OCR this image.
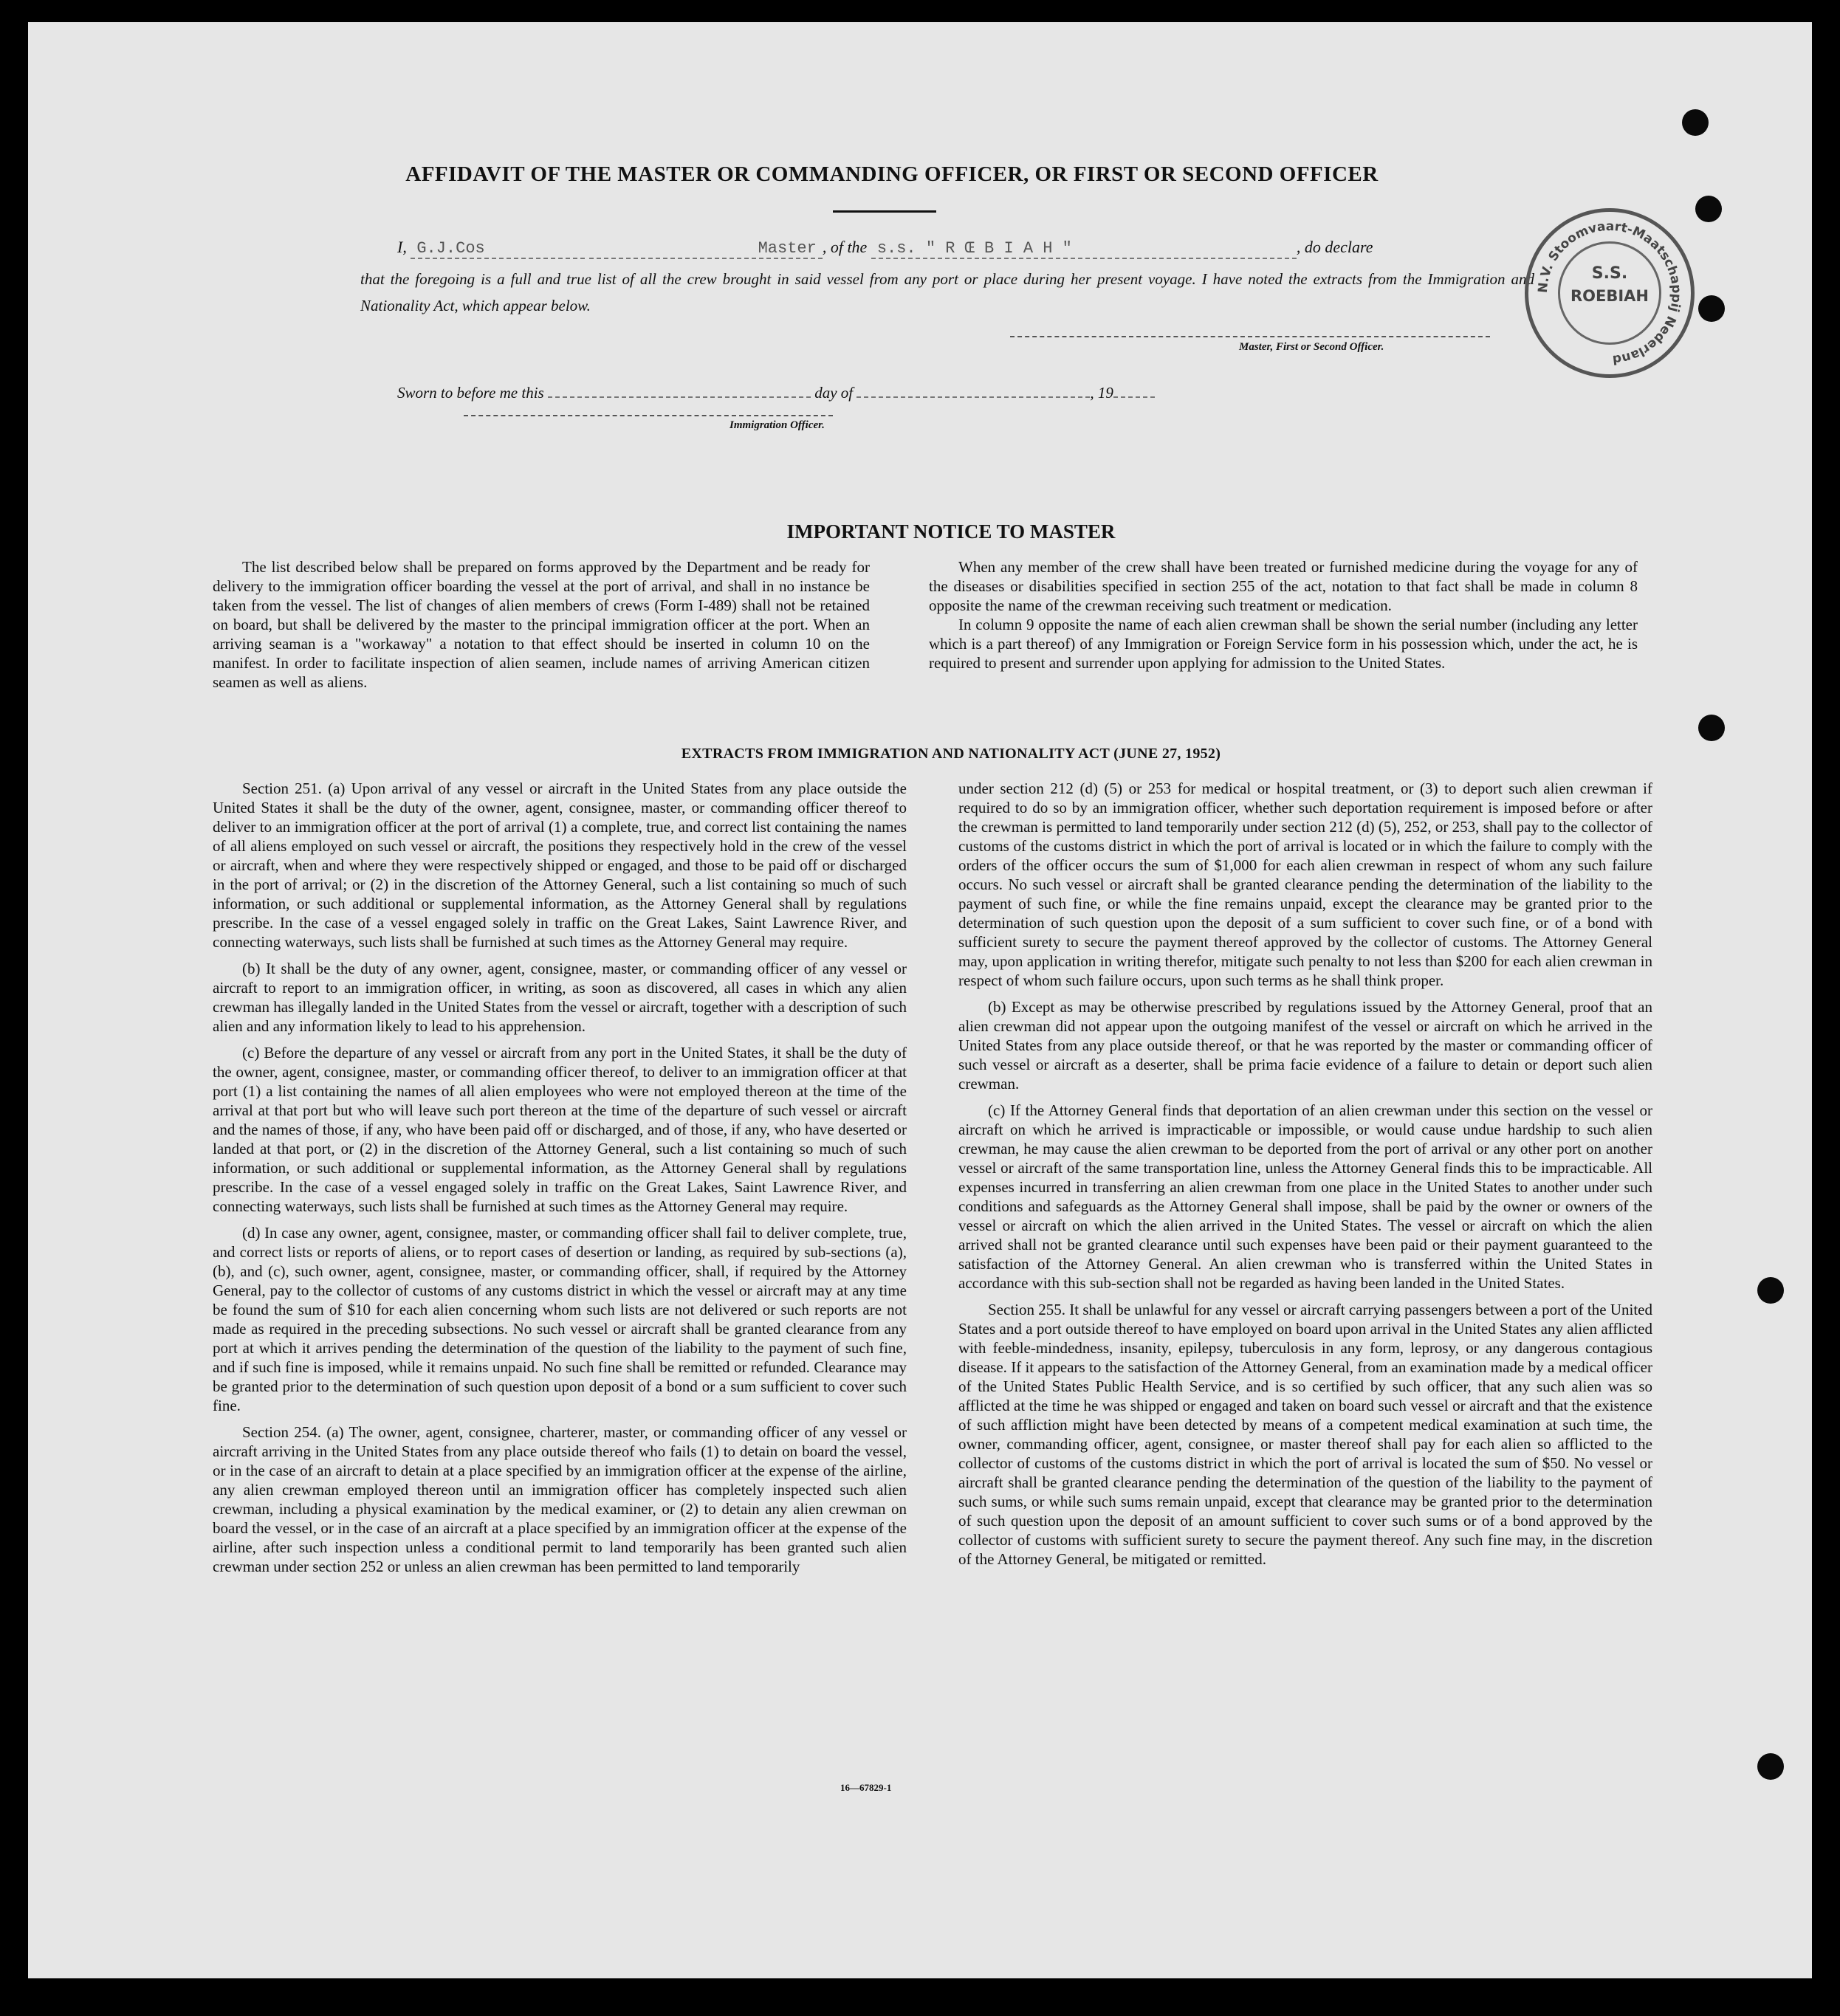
AFFIDAVIT OF THE MASTER OR COMMANDING OFFICER, OR FIRST OR SECOND OFFICER
I, G.J.Cos	Master , of the s.s. " R Œ B I A H "	, do declare
that the foregoing is a full and true list of all the crew brought in said vessel from any port or place during her present voyage. I have noted the extracts from the Immigration and Nationality Act, which appear below.
Master, First or Second Officer.
Sworn to before me this	day of	, 19
Immigration Officer.
N.V. Stoomvaart-Maatschappij Nederland
S.S.
ROEBIAH
IMPORTANT NOTICE TO MASTER

The list described below shall be prepared on forms approved by the Department and be ready for delivery to the immigration officer boarding the vessel at the port of arrival, and shall in no instance be taken from the vessel. The list of changes of alien members of crews (Form I-489) shall not be retained on board, but shall be delivered by the master to the principal immigration officer at the port. When an arriving seaman is a "workaway" a notation to that effect should be inserted in column 10 on the manifest. In order to facilitate inspection of alien seamen, include names of arriving American citizen seamen as well as aliens.

When any member of the crew shall have been treated or furnished medicine during the voyage for any of the diseases or disabilities specified in section 255 of the act, notation to that fact shall be made in column 8 opposite the name of the crewman receiving such treatment or medication.

In column 9 opposite the name of each alien crewman shall be shown the serial number (including any letter which is a part thereof) of any Immigration or Foreign Service form in his possession which, under the act, he is required to present and surrender upon applying for admission to the United States.

EXTRACTS FROM IMMIGRATION AND NATIONALITY ACT (JUNE 27, 1952)

Section 251. (a) Upon arrival of any vessel or aircraft in the United States from any place outside the United States it shall be the duty of the owner, agent, consignee, master, or commanding officer thereof to deliver to an immigration officer at the port of arrival (1) a complete, true, and correct list containing the names of all aliens employed on such vessel or aircraft, the positions they respectively hold in the crew of the vessel or aircraft, when and where they were respectively shipped or engaged, and those to be paid off or discharged in the port of arrival; or (2) in the discretion of the Attorney General, such a list containing so much of such information, or such additional or supplemental information, as the Attorney General shall by regulations prescribe. In the case of a vessel engaged solely in traffic on the Great Lakes, Saint Lawrence River, and connecting waterways, such lists shall be furnished at such times as the Attorney General may require.

(b) It shall be the duty of any owner, agent, consignee, master, or commanding officer of any vessel or aircraft to report to an immigration officer, in writing, as soon as discovered, all cases in which any alien crewman has illegally landed in the United States from the vessel or aircraft, together with a description of such alien and any information likely to lead to his apprehension.

(c) Before the departure of any vessel or aircraft from any port in the United States, it shall be the duty of the owner, agent, consignee, master, or commanding officer thereof, to deliver to an immigration officer at that port (1) a list containing the names of all alien employees who were not employed thereon at the time of the arrival at that port but who will leave such port thereon at the time of the departure of such vessel or aircraft and the names of those, if any, who have been paid off or discharged, and of those, if any, who have deserted or landed at that port, or (2) in the discretion of the Attorney General, such a list containing so much of such information, or such additional or supplemental information, as the Attorney General shall by regulations prescribe. In the case of a vessel engaged solely in traffic on the Great Lakes, Saint Lawrence River, and connecting waterways, such lists shall be furnished at such times as the Attorney General may require.

(d) In case any owner, agent, consignee, master, or commanding officer shall fail to deliver complete, true, and correct lists or reports of aliens, or to report cases of desertion or landing, as required by sub-sections (a), (b), and (c), such owner, agent, consignee, master, or commanding officer, shall, if required by the Attorney General, pay to the collector of customs of any customs district in which the vessel or aircraft may at any time be found the sum of $10 for each alien concerning whom such lists are not delivered or such reports are not made as required in the preceding subsections. No such vessel or aircraft shall be granted clearance from any port at which it arrives pending the determination of the question of the liability to the payment of such fine, and if such fine is imposed, while it remains unpaid. No such fine shall be remitted or refunded. Clearance may be granted prior to the determination of such question upon deposit of a bond or a sum sufficient to cover such fine.

Section 254. (a) The owner, agent, consignee, charterer, master, or commanding officer of any vessel or aircraft arriving in the United States from any place outside thereof who fails (1) to detain on board the vessel, or in the case of an aircraft to detain at a place specified by an immigration officer at the expense of the airline, any alien crewman employed thereon until an immigration officer has completely inspected such alien crewman, including a physical examination by the medical examiner, or (2) to detain any alien crewman on board the vessel, or in the case of an aircraft at a place specified by an immigration officer at the expense of the airline, after such inspection unless a conditional permit to land temporarily has been granted such alien crewman under section 252 or unless an alien crewman has been permitted to land temporarily

under section 212 (d) (5) or 253 for medical or hospital treatment, or (3) to deport such alien crewman if required to do so by an immigration officer, whether such deportation requirement is imposed before or after the crewman is permitted to land temporarily under section 212 (d) (5), 252, or 253, shall pay to the collector of customs of the customs district in which the port of arrival is located or in which the failure to comply with the orders of the officer occurs the sum of $1,000 for each alien crewman in respect of whom any such failure occurs. No such vessel or aircraft shall be granted clearance pending the determination of the liability to the payment of such fine, or while the fine remains unpaid, except the clearance may be granted prior to the determination of such question upon the deposit of a sum sufficient to cover such fine, or of a bond with sufficient surety to secure the payment thereof approved by the collector of customs. The Attorney General may, upon application in writing therefor, mitigate such penalty to not less than $200 for each alien crewman in respect of whom such failure occurs, upon such terms as he shall think proper.

(b) Except as may be otherwise prescribed by regulations issued by the Attorney General, proof that an alien crewman did not appear upon the outgoing manifest of the vessel or aircraft on which he arrived in the United States from any place outside thereof, or that he was reported by the master or commanding officer of such vessel or aircraft as a deserter, shall be prima facie evidence of a failure to detain or deport such alien crewman.

(c) If the Attorney General finds that deportation of an alien crewman under this section on the vessel or aircraft on which he arrived is impracticable or impossible, or would cause undue hardship to such alien crewman, he may cause the alien crewman to be deported from the port of arrival or any other port on another vessel or aircraft of the same transportation line, unless the Attorney General finds this to be impracticable. All expenses incurred in transferring an alien crewman from one place in the United States to another under such conditions and safeguards as the Attorney General shall impose, shall be paid by the owner or owners of the vessel or aircraft on which the alien arrived in the United States. The vessel or aircraft on which the alien arrived shall not be granted clearance until such expenses have been paid or their payment guaranteed to the satisfaction of the Attorney General. An alien crewman who is transferred within the United States in accordance with this sub-section shall not be regarded as having been landed in the United States.

Section 255. It shall be unlawful for any vessel or aircraft carrying passengers between a port of the United States and a port outside thereof to have employed on board upon arrival in the United States any alien afflicted with feeble-mindedness, insanity, epilepsy, tuberculosis in any form, leprosy, or any dangerous contagious disease. If it appears to the satisfaction of the Attorney General, from an examination made by a medical officer of the United States Public Health Service, and is so certified by such officer, that any such alien was so afflicted at the time he was shipped or engaged and taken on board such vessel or aircraft and that the existence of such affliction might have been detected by means of a competent medical examination at such time, the owner, commanding officer, agent, consignee, or master thereof shall pay for each alien so afflicted to the collector of customs of the customs district in which the port of arrival is located the sum of $50. No vessel or aircraft shall be granted clearance pending the determination of the question of the liability to the payment of such sums, or while such sums remain unpaid, except that clearance may be granted prior to the determination of such question upon the deposit of an amount sufficient to cover such sums or of a bond approved by the collector of customs with sufficient surety to secure the payment thereof. Any such fine may, in the discretion of the Attorney General, be mitigated or remitted.

16—67829-1
